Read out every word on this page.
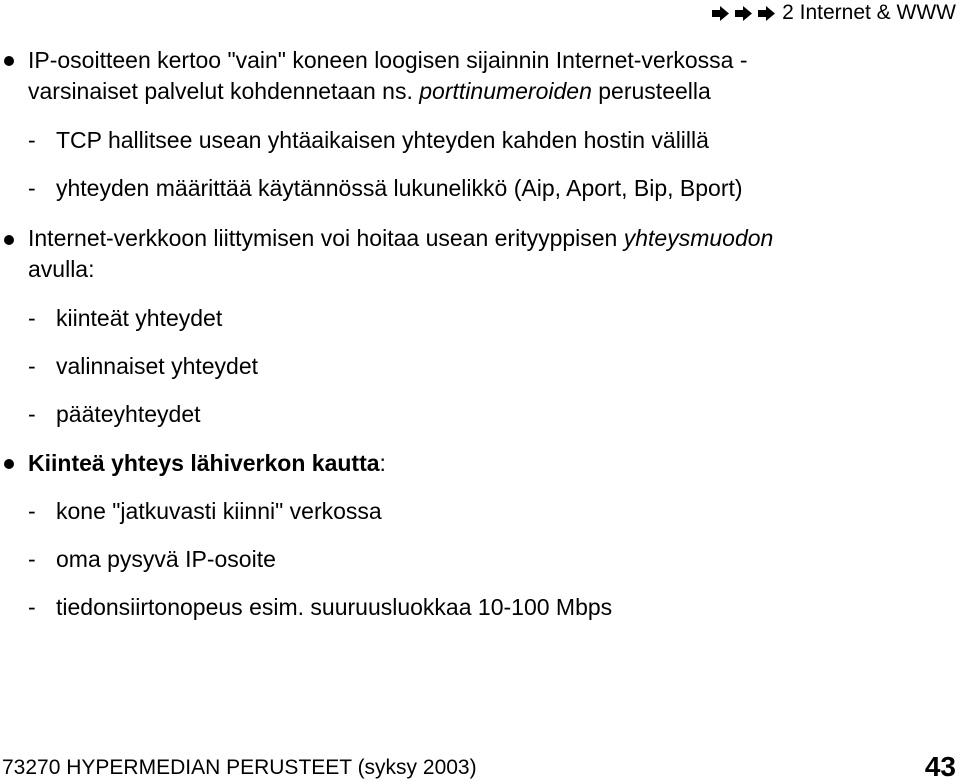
2 Internet & WWW
IP-osoitteen kertoo "vain" koneen loogisen sijainnin Internet-verkossa -
varsinaiset palvelut kohdennetaan ns. porttinumeroiden perusteella
- TCP hallitsee usean yhtäaikaisen yhteyden kahden hostin välillä
- yhteyden määrittää käytännössä lukunelikkö (Aip, Aport, Bip, Bport)
Internet-verkkoon liittymisen voi hoitaa usean erityyppisen yhteysmuodon
avulla:
- kiinteät yhteydet
- valinnaiset yhteydet
- pääteyhteydet
Kiinteä yhteys lähiverkon kautta:
- kone "jatkuvasti kiinni" verkossa
- oma pysyvä IP-osoite
- tiedonsiirtonopeus esim. suuruusluokkaa 10-100 Mbps
73270 HYPERMEDIAN PERUSTEET (syksy 2003)	43
